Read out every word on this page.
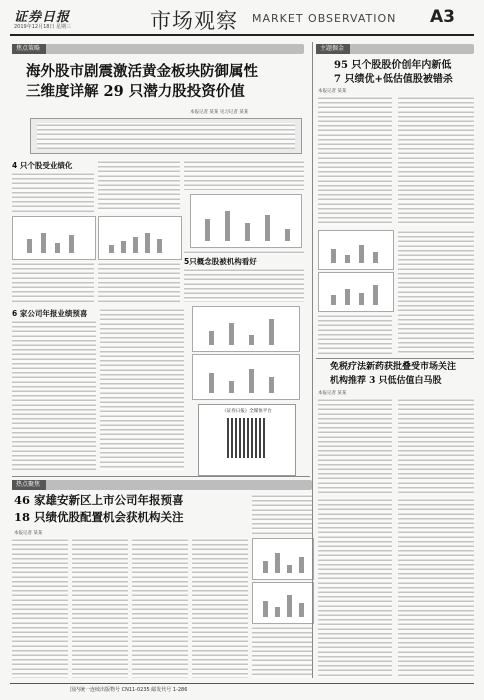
证券日报
2019年12月18日 星期三	市场观察 MARKET OBSERVATION A3
焦点策略
海外股市剧震激活黄金板块防御属性
三维度详解 29 只潜力股投资价值
本报记者 某某 见习记者 某某
4 只个股受业绩化

5只概念股被机构看好
6 家公司年报业绩预喜

《证券日报》全媒体平台
主题掘金
95 只个股股价创年内新低
7 只绩优+低估值股被错杀
本报记者 某某

免税疗法新药获批叠受市场关注
机构推荐 3 只低估值白马股
本报记者 某某
热点聚焦
46 家雄安新区上市公司年报预喜
18 只绩优股配置机会获机构关注
本报记者 某某

国内统一连续出版物号 CN11-0235 邮发代号 1-286
